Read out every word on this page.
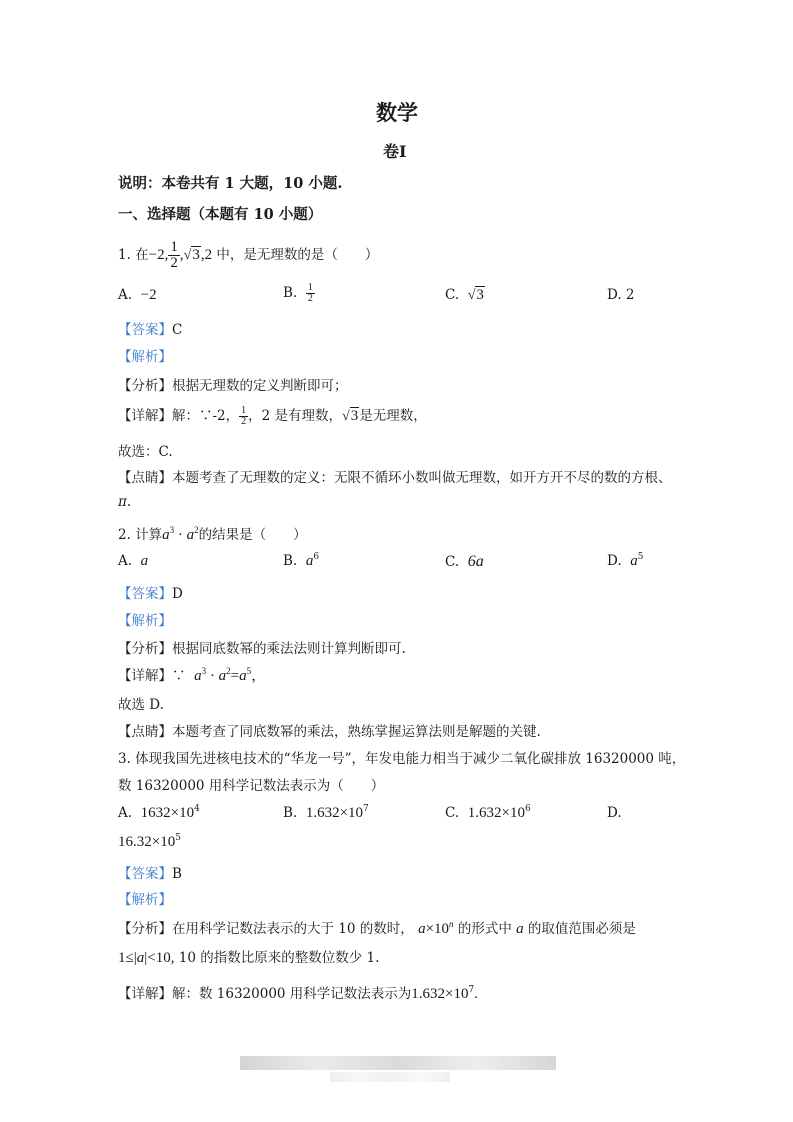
数学
卷Ⅰ
说明：本卷共有 1 大题，10 小题.
一、选择题（本题有 10 小题）
1. 在−2, $\frac{1}{2} ,√3,2$ 中，是无理数的是（　　）
A. −2	B. $\frac{1}{2}$	C. √3	D. 2
【答案】C
【解析】
【分析】根据无理数的定义判断即可；
【详解】解：∵-2， $\frac{1}{2}$ ，2 是有理数，√3是无理数，
故选：C.
【点睛】本题考查了无理数的定义：无限不循环小数叫做无理数，如开方开不尽的数的方根、
π.
2. 计算$a^3 \cdot a^2$的结果是（　　）
A. a	B. $a^6$	C. 6a	D. $a^5$
【答案】D
【解析】
【分析】根据同底数幂的乘法法则计算判断即可.
【详解】∵ $a^3 \cdot a^2=a^5$，
故选 D.
【点睛】本题考查了同底数幂的乘法，熟练掌握运算法则是解题的关键.
3. 体现我国先进核电技术的“华龙一号”，年发电能力相当于减少二氧化碳排放 16320000 吨，
数 16320000 用科学记数法表示为（　　）
A. $1632\times 10^4$	B. $1.632\times 10^7$	C. $1.632\times 10^6$	D.
$16.32\times 10^5$
【答案】B
【解析】
【分析】在用科学记数法表示的大于 10 的数时， $a\times 10^n$ 的形式中 a 的取值范围必须是
1≤|a|<10, 10 的指数比原来的整数位数少 1.
【详解】解：数 16320000 用科学记数法表示为$1.632\times 10^7$.
